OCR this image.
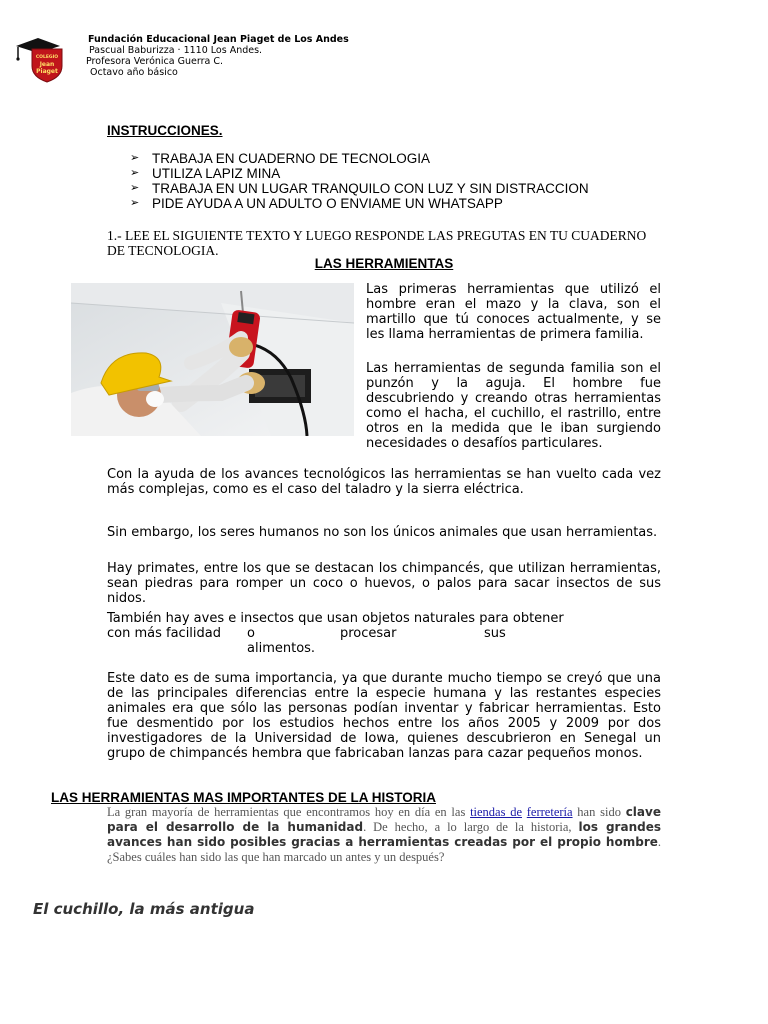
COLEGIO
Jean
Piaget
Fundación Educacional Jean Piaget de Los Andes
Pascual Baburizza · 1110 Los Andes.
Profesora Verónica Guerra C.
Octavo año básico
INSTRUCCIONES.
➢ TRABAJA EN CUADERNO DE TECNOLOGIA
➢ UTILIZA LAPIZ MINA
➢ TRABAJA EN UN LUGAR TRANQUILO CON LUZ Y SIN DISTRACCION
➢ PIDE AYUDA A UN ADULTO O ENVIAME UN WHATSAPP
1.- LEE EL SIGUIENTE TEXTO Y LUEGO RESPONDE LAS PREGUTAS EN TU CUADERNO DE TECNOLOGIA.
LAS HERRAMIENTAS
Las primeras herramientas que utilizó el hombre eran el mazo y la clava, son el martillo que tú conoces actualmente, y se les llama herramientas de primera familia.
Las herramientas de segunda familia son el punzón y la aguja. El hombre fue descubriendo y creando otras herramientas como el hacha, el cuchillo, el rastrillo, entre otros en la medida que le iban surgiendo necesidades o desafíos particulares.
Con la ayuda de los avances tecnológicos las herramientas se han vuelto cada vez más complejas, como es el caso del taladro y la sierra eléctrica.
Sin embargo, los seres humanos no son los únicos animales que usan herramientas.
Hay primates, entre los que se destacan los chimpancés, que utilizan herramientas, sean piedras para romper un coco o huevos, o palos para sacar insectos de sus nidos.
También hay aves e insectos que usan objetos naturales para obtener
con más facilidad o	procesar	sus
alimentos.
Este dato es de suma importancia, ya que durante mucho tiempo se creyó que una de las principales diferencias entre la especie humana y las restantes especies animales era que sólo las personas podían inventar y fabricar herramientas. Esto fue desmentido por los estudios hechos entre los años 2005 y 2009 por dos investigadores de la Universidad de Iowa, quienes descubrieron en Senegal un grupo de chimpancés hembra que fabricaban lanzas para cazar pequeños monos.
LAS HERRAMIENTAS MAS IMPORTANTES DE LA HISTORIA
La gran mayoría de herramientas que encontramos hoy en día en las tiendas de ferretería han sido clave para el desarrollo de la humanidad. De hecho, a lo largo de la historia, los grandes avances han sido posibles gracias a herramientas creadas por el propio hombre. ¿Sabes cuáles han sido las que han marcado un antes y un después?
El cuchillo, la más antigua
